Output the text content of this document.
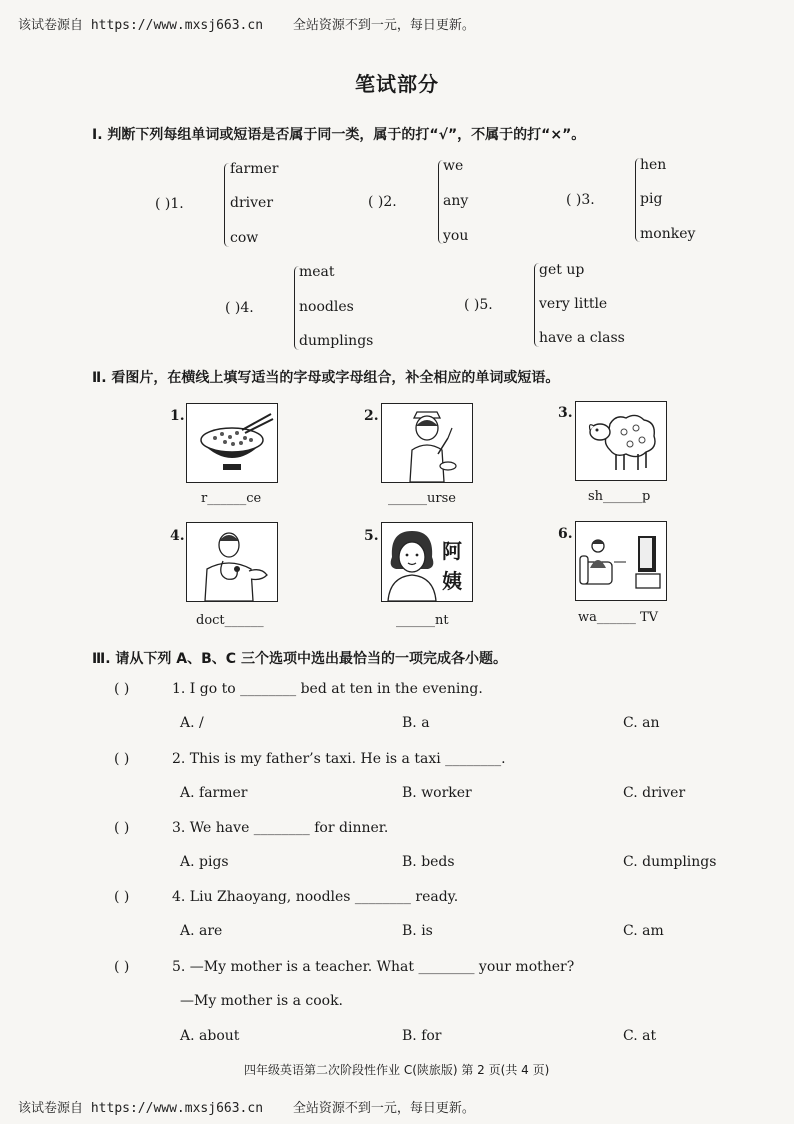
该试卷源自 https://www.mxsj663.cn 全站资源不到一元，每日更新。
笔试部分
Ⅰ. 判断下列每组单词或短语是否属于同一类，属于的打“√”，不属于的打“×”。
( )1.
farmer
driver
cow
( )2.
we
any
you
( )3.
hen
pig
monkey
( )4.
meat
noodles
dumplings
( )5.
get up
very little
have a class
Ⅱ. 看图片，在横线上填写适当的字母或字母组合，补全相应的单词或短语。
1.
r______ce
2.
______urse
3.
sh______p
4.
doct______
5.
阿
姨
______nt
6.
wa______ TV
Ⅲ. 请从下列 A、B、C 三个选项中选出最恰当的一项完成各小题。
( )	1. I go to ________ bed at ten in the evening.
A. /	B. a	C. an
( )	2. This is my father’s taxi. He is a taxi ________.
A. farmer	B. worker	C. driver
( )	3. We have ________ for dinner.
A. pigs	B. beds	C. dumplings
( )	4. Liu Zhaoyang, noodles ________ ready.
A. are	B. is	C. am
( )	5. —My mother is a teacher. What ________ your mother?
—My mother is a cook.
A. about	B. for	C. at
四年级英语第二次阶段性作业 C(陕旅版) 第 2 页(共 4 页)
该试卷源自 https://www.mxsj663.cn 全站资源不到一元，每日更新。
